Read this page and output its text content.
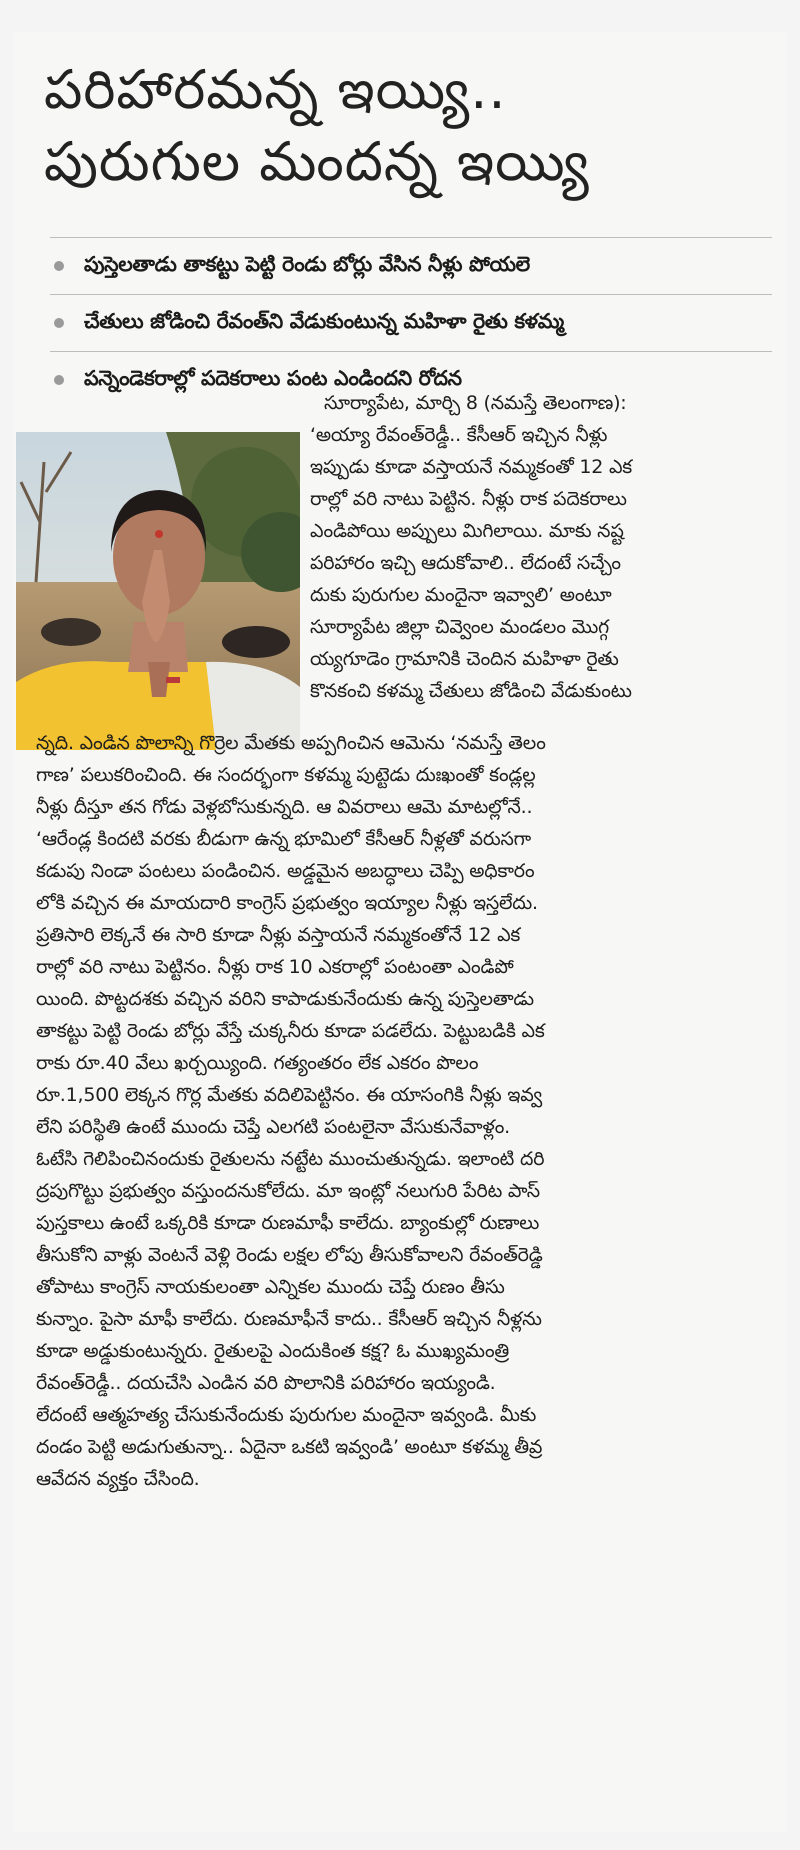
పరిహారమన్న ఇయ్యి..
పురుగుల మందన్న ఇయ్యి
పుస్తెలతాడు తాకట్టు పెట్టి రెండు బోర్లు వేసిన నీళ్లు పోయలె
చేతులు జోడించి రేవంత్‌ని వేడుకుంటున్న మహిళా రైతు కళమ్మ
పన్నెండెకరాల్లో పదెకరాలు పంట ఎండిందని రోదన
సూర్యాపేట, మార్చి 8 (నమస్తే తెలంగాణ):
‘అయ్యా రేవంత్‌రెడ్డీ.. కేసీఆర్‌ ఇచ్చిన నీళ్లు
ఇప్పుడు కూడా వస్తాయనే నమ్మకంతో 12 ఎక
రాల్లో వరి నాటు పెట్టిన. నీళ్లు రాక పదెకరాలు
ఎండిపోయి అప్పులు మిగిలాయి. మాకు నష్ట
పరిహారం ఇచ్చి ఆదుకోవాలి.. లేదంటే సచ్చేం
దుకు పురుగుల మందైనా ఇవ్వాలి’ అంటూ
సూర్యాపేట జిల్లా చివ్వెంల మండలం మొగ్గ
య్యగూడెం గ్రామానికి చెందిన మహిళా రైతు
కొనకంచి కళమ్మ చేతులు జోడించి వేడుకుంటు
న్నది. ఎండిన పొలాన్ని గొర్రెల మేతకు అప్పగించిన ఆమెను ‘నమస్తే తెలం
గాణ’ పలుకరించింది. ఈ సందర్భంగా కళమ్మ పుట్టెడు దుఃఖంతో కండ్లల్ల
నీళ్లు దీస్తూ తన గోడు వెళ్లబోసుకున్నది. ఆ వివరాలు ఆమె మాటల్లోనే..
‘ఆరేండ్ల కిందటి వరకు బీడుగా ఉన్న భూమిలో కేసీఆర్‌ నీళ్లతో వరుసగా
కడుపు నిండా పంటలు పండించిన. అడ్డమైన అబద్ధాలు చెప్పి అధికారం
లోకి వచ్చిన ఈ మాయదారి కాంగ్రెస్‌ ప్రభుత్వం ఇయ్యాల నీళ్లు ఇస్తలేదు.
ప్రతిసారి లెక్కనే ఈ సారి కూడా నీళ్లు వస్తాయనే నమ్మకంతోనే 12 ఎక
రాల్లో వరి నాటు పెట్టినం. నీళ్లు రాక 10 ఎకరాల్లో పంటంతా ఎండిపో
యింది. పొట్టదశకు వచ్చిన వరిని కాపాడుకునేందుకు ఉన్న పుస్తెలతాడు
తాకట్టు పెట్టి రెండు బోర్లు వేస్తే చుక్కనీరు కూడా పడలేదు. పెట్టుబడికి ఎక
రాకు రూ.40 వేలు ఖర్చయ్యింది. గత్యంతరం లేక ఎకరం పొలం
రూ.1,500 లెక్కన గొర్ల మేతకు వదిలిపెట్టినం. ఈ యాసంగికి నీళ్లు ఇవ్వ
లేని పరిస్థితి ఉంటే ముందు చెప్తే ఎలగటి పంటలైనా వేసుకునేవాళ్లం.
ఓటేసి గెలిపించినందుకు రైతులను నట్టేట ముంచుతున్నడు. ఇలాంటి దరి
ద్రపుగొట్టు ప్రభుత్వం వస్తుందనుకోలేదు. మా ఇంట్లో నలుగురి పేరిట పాస్‌
పుస్తకాలు ఉంటే ఒక్కరికి కూడా రుణమాఫీ కాలేదు. బ్యాంకుల్లో రుణాలు
తీసుకోని వాళ్లు వెంటనే వెళ్లి రెండు లక్షల లోపు తీసుకోవాలని రేవంత్‌రెడ్డి
తోపాటు కాంగ్రెస్‌ నాయకులంతా ఎన్నికల ముందు చెప్తే రుణం తీసు
కున్నాం. పైసా మాఫీ కాలేదు. రుణమాఫీనే కాదు.. కేసీఆర్‌ ఇచ్చిన నీళ్లను
కూడా అడ్డుకుంటున్నరు. రైతులపై ఎందుకింత కక్ష? ఓ ముఖ్యమంత్రి
రేవంత్‌రెడ్డీ.. దయచేసి ఎండిన వరి పొలానికి పరిహారం ఇయ్యండి.
లేదంటే ఆత్మహత్య చేసుకునేందుకు పురుగుల మందైనా ఇవ్వండి. మీకు
దండం పెట్టి అడుగుతున్నా.. ఏదైనా ఒకటి ఇవ్వండి’ అంటూ కళమ్మ తీవ్ర
ఆవేదన వ్యక్తం చేసింది.
